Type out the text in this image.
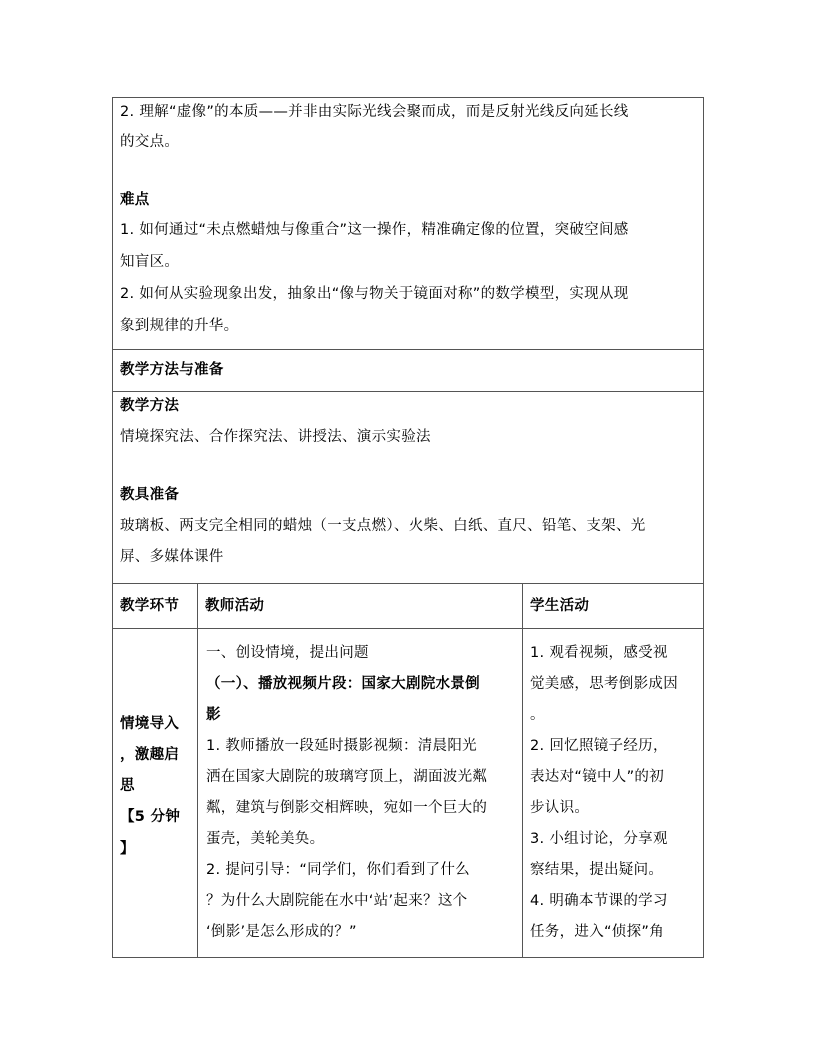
2. 理解“虚像”的本质——并非由实际光线会聚而成，而是反射光线反向延长线
的交点。
难点
1. 如何通过“未点燃蜡烛与像重合”这一操作，精准确定像的位置，突破空间感
知盲区。
2. 如何从实验现象出发，抽象出“像与物关于镜面对称”的数学模型，实现从现
象到规律的升华。
教学方法与准备
教学方法
情境探究法、合作探究法、讲授法、演示实验法
教具准备
玻璃板、两支完全相同的蜡烛（一支点燃）、火柴、白纸、直尺、铅笔、支架、光
屏、多媒体课件
教学环节 教师活动	学生活动
情境导入
，激趣启
思
【5 分钟
】
一、创设情境，提出问题
（一）、播放视频片段：国家大剧院水景倒
影
1. 教师播放一段延时摄影视频：清晨阳光
洒在国家大剧院的玻璃穹顶上，湖面波光粼
粼，建筑与倒影交相辉映，宛如一个巨大的
蛋壳，美轮美奂。
2. 提问引导：“同学们，你们看到了什么
？为什么大剧院能在水中‘站’起来？这个
‘倒影’是怎么形成的？”
1. 观看视频，感受视
觉美感，思考倒影成因
。
2. 回忆照镜子经历，
表达对“镜中人”的初
步认识。
3. 小组讨论，分享观
察结果，提出疑问。
4. 明确本节课的学习
任务，进入“侦探”角
